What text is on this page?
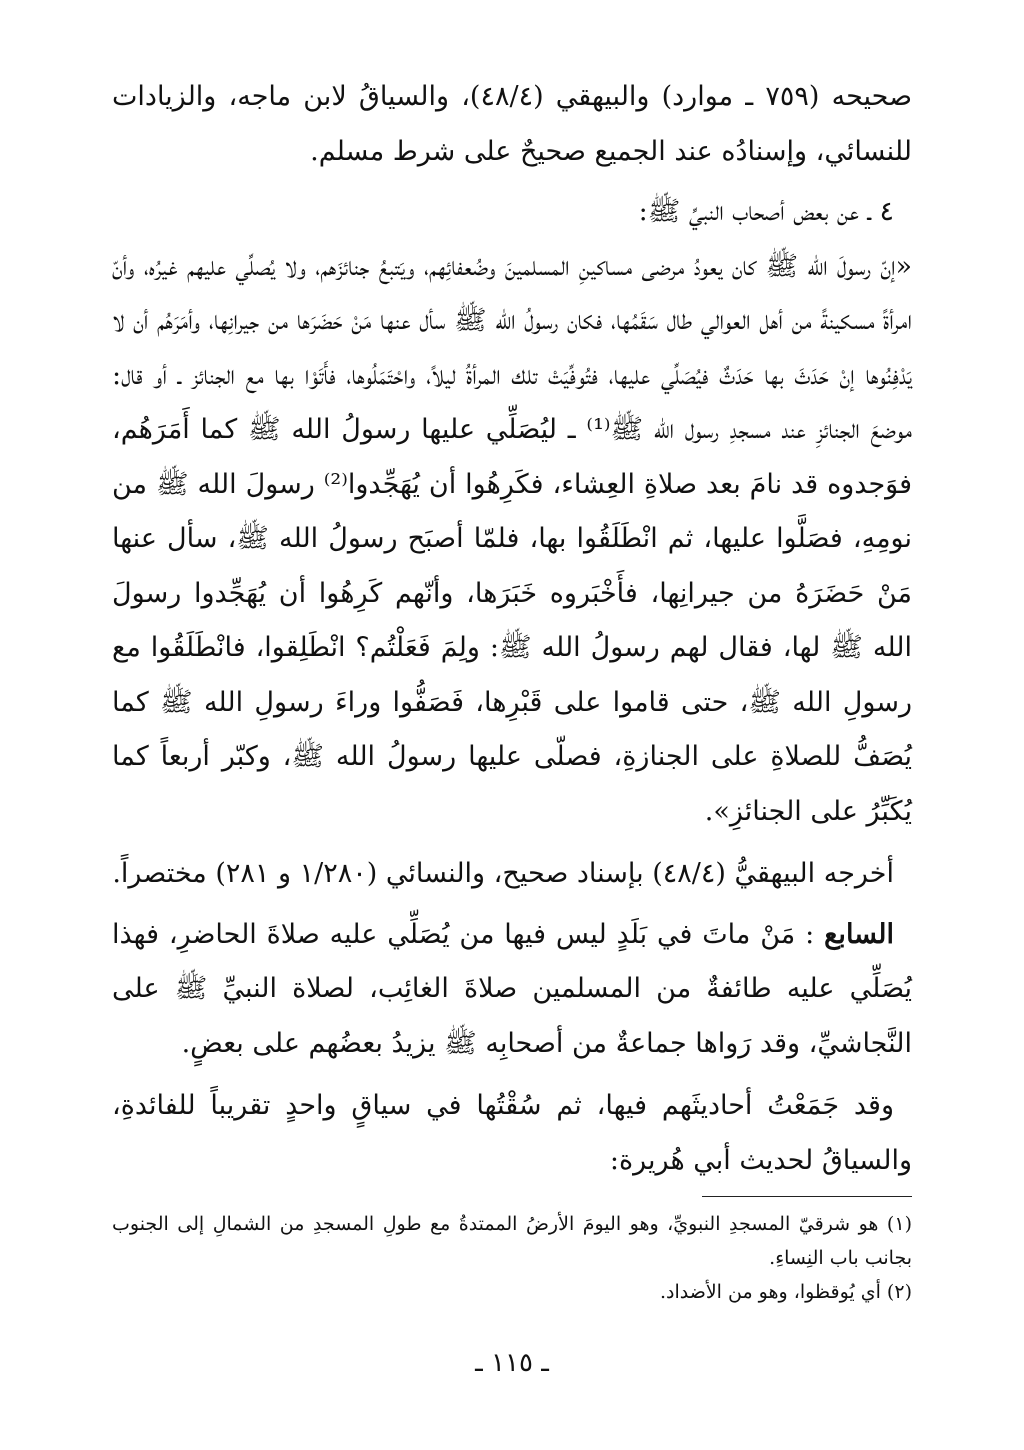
صحيحه (٧٥٩ ـ موارد) والبيهقي (٤٨/٤)، والسياقُ لابن ماجه، والزيادات للنسائي، وإسنادُه عند الجميع صحيحٌ على شرط مسلم.

٤ ـ عن بعض أصحاب النبيِّ ﷺ:

«إنّ رسولَ الله ﷺ كان يعودُ مرضى مساكينِ المسلمينَ وضُعفائِهم، ويَتبعُ جنائزَهم، ولا يُصلِّي عليهم غيرُه، وأنّ امرأةً مسكينةً من أهل العوالي طال سَقَمُها، فكان رسولُ الله ﷺ سأل عنها مَنْ حَضَرَها من جيرانِها، وأمَرَهُم أن لا يَدْفِنُوها إنْ حَدَثَ بها حَدَثٌ فيُصَلِّي عليها، فتُوفِّيَتْ تلك المرأةُ ليلاً، واحْتَمَلُوها، فأَتَوْا بها مع الجنائز ـ أو قال: موضعَ الجنائزِ عند مسجدِ رسول الله ﷺ⁽¹⁾ ـ ليُصَلِّي عليها رسولُ الله ﷺ كما أَمَرَهُم، فوَجدوه قد نامَ بعد صلاةِ العِشاء، فكَرِهُوا أن يُهَجِّدوا⁽²⁾ رسولَ الله ﷺ من نومِهِ، فصَلَّوا عليها، ثم انْطَلَقُوا بها، فلمّا أصبَح رسولُ الله ﷺ، سأل عنها مَنْ حَضَرَهُ من جيرانِها، فأَخْبَروه خَبَرَها، وأنّهم كَرِهُوا أن يُهَجِّدوا رسولَ الله ﷺ لها، فقال لهم رسولُ الله ﷺ: ولِمَ فَعَلْتُم؟ انْطَلِقوا، فانْطَلَقُوا مع رسولِ الله ﷺ، حتى قاموا على قَبْرِها، فَصَفُّوا وراءَ رسولِ الله ﷺ كما يُصَفُّ للصلاةِ على الجنازةِ، فصلّى عليها رسولُ الله ﷺ، وكبّر أربعاً كما يُكَبِّرُ على الجنائزِ».

أخرجه البيهقيُّ (٤٨/٤) بإسناد صحيح، والنسائي (١/٢٨٠ و ٢٨١) مختصراً.

السابع : مَنْ ماتَ في بَلَدٍ ليس فيها من يُصَلِّي عليه صلاةَ الحاضرِ، فهذا يُصَلِّي عليه طائفةٌ من المسلمين صلاةَ الغائِب، لصلاة النبيِّ ﷺ على النَّجاشيِّ، وقد رَواها جماعةٌ من أصحابِه ﷺ يزيدُ بعضُهم على بعضٍ.

وقد جَمَعْتُ أحاديثَهم فيها، ثم سُقْتُها في سياقٍ واحدٍ تقريباً للفائدةِ، والسياقُ لحديث أبي هُريرة:

(١) هو شرقيّ المسجدِ النبويِّ، وهو اليومَ الأرضُ الممتدةُ مع طولِ المسجدِ من الشمالِ إلى الجنوب بجانب باب النِساءِ.

(٢) أي يُوقظوا، وهو من الأضداد.

ـ ١١٥ ـ
